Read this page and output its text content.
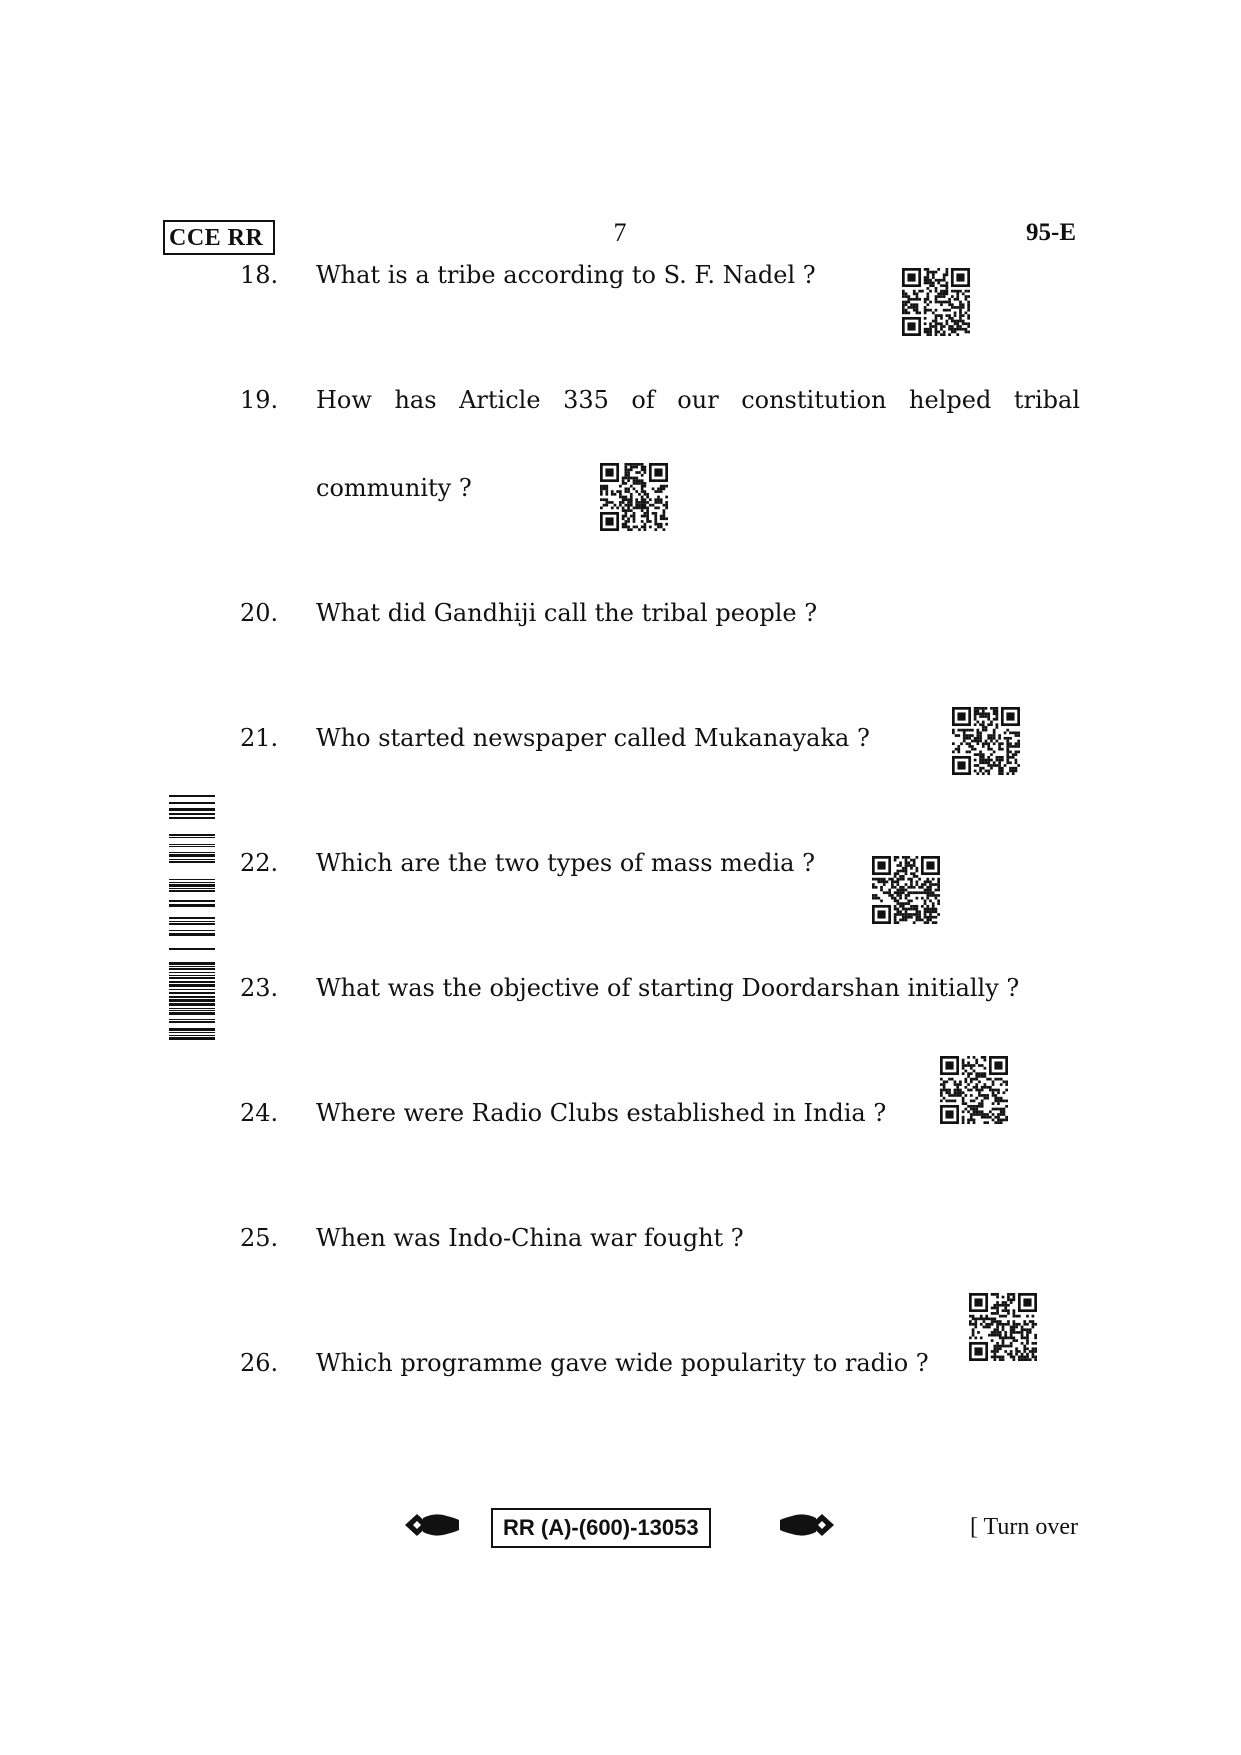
CCE RR	7	95-E
18.	What is a tribe according to S. F. Nadel ?
19.	How has Article 335 of our constitution helped tribal
community ?
20.	What did Gandhiji call the tribal people ?
21.	Who started newspaper called Mukanayaka ?
22.	Which are the two types of mass media ?
23.	What was the objective of starting Doordarshan initially ?
24.	Where were Radio Clubs established in India ?
25.	When was Indo-China war fought ?
26.	Which programme gave wide popularity to radio ?
RR (A)-(600)-13053	[ Turn over
